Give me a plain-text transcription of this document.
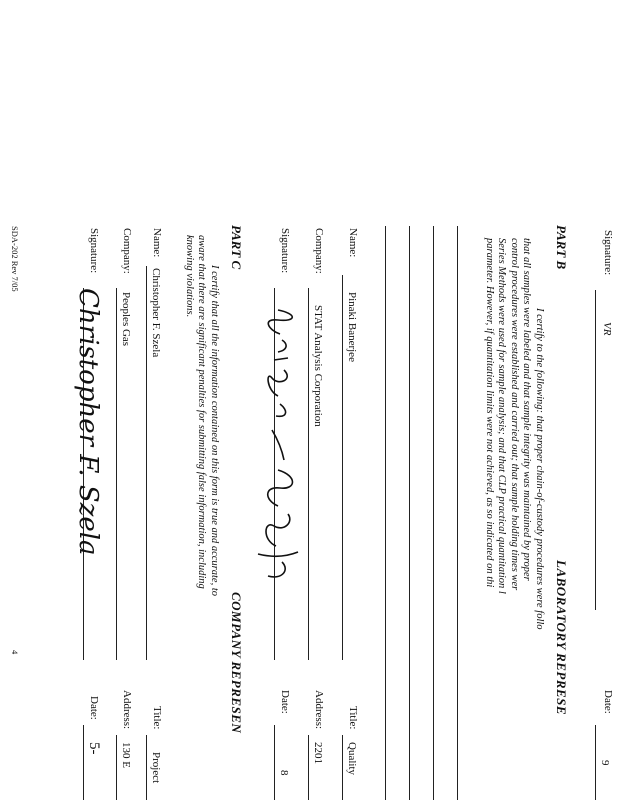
Signature:
VR
Date:
9
PART B
LABORATORY REPRESE
I certify to the following: that proper chain-of-custody procedures were follo
that all samples were labeled and that sample integrity was maintained by proper
control procedures were established and carried out; that sample holding times wer
Series Methods were used for sample analysis; and that CLP practical quantitation l
parameter. However, if quantitation limits were not achieved, as so indicated on thi
Name:
Pinaki Banerjee
Title:
Quality
Company:
STAT Analysis Corporation
Address:
2201
Signature:
Date:
8
PART C
COMPANY REPRESEN
I certify that all the information contained on this form is true and accurate, to
aware that there are significant penalties for submitting false information, including
knowing violations.
Name:
Christopher F. Szela
Title:
Project
Company:
Peoples Gas
Address:
130 E
Signature:
Christopher F. Szela
Date:
5-
SDA-202 Rev 7/05
4
